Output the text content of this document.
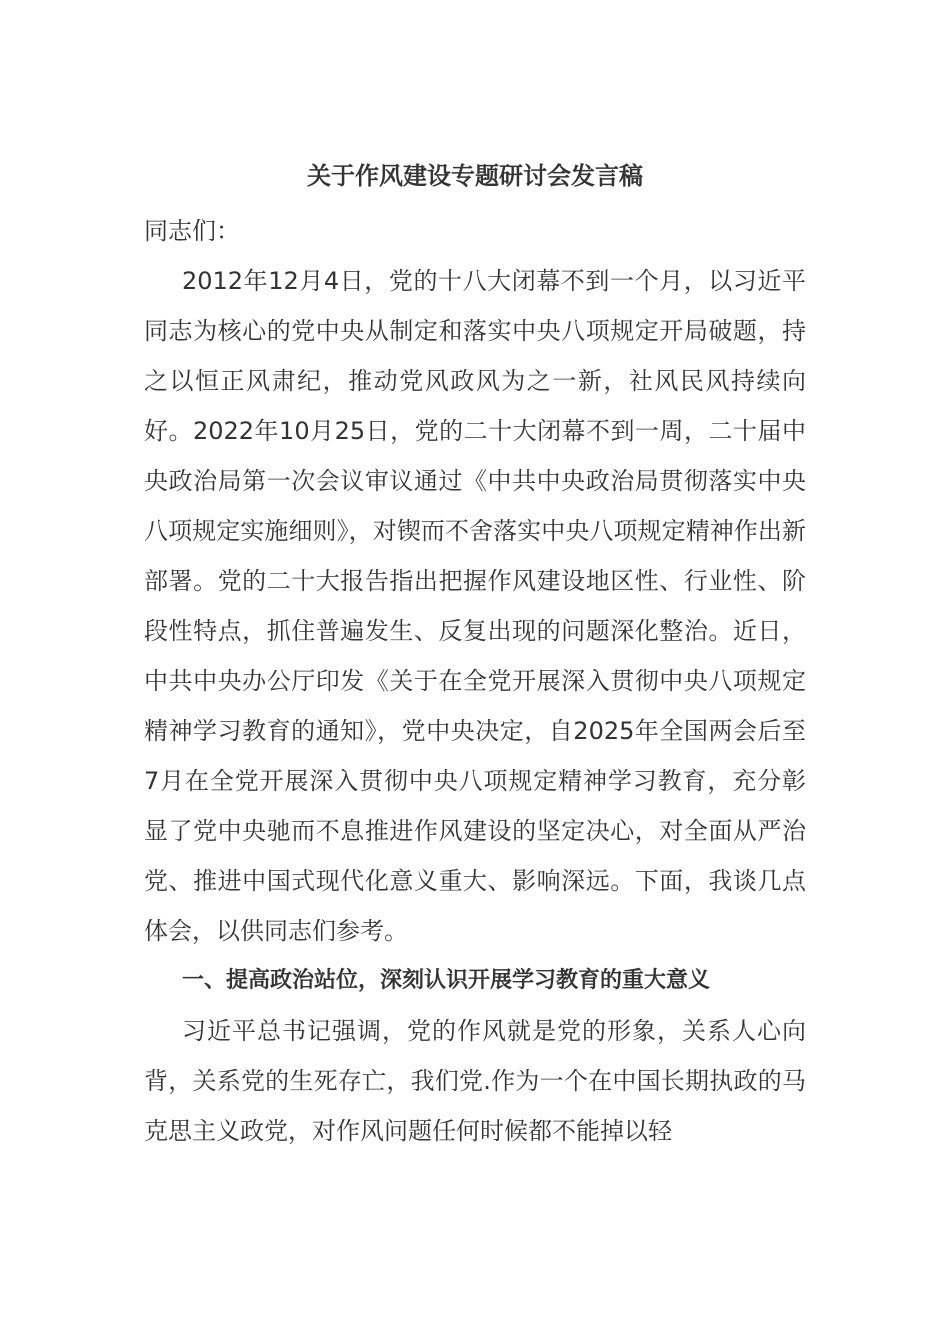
关于作风建设专题研讨会发言稿

同志们：

2012年12月4日，党的十八大闭幕不到一个月，以习近平同志为核心的党中央从制定和落实中央八项规定开局破题，持之以恒正风肃纪，推动党风政风为之一新，社风民风持续向好。2022年10月25日，党的二十大闭幕不到一周，二十届中央政治局第一次会议审议通过《中共中央政治局贯彻落实中央八项规定实施细则》，对锲而不舍落实中央八项规定精神作出新部署。党的二十大报告指出把握作风建设地区性、行业性、阶段性特点，抓住普遍发生、反复出现的问题深化整治。近日，中共中央办公厅印发《关于在全党开展深入贯彻中央八项规定精神学习教育的通知》，党中央决定，自2025年全国两会后至7月在全党开展深入贯彻中央八项规定精神学习教育，充分彰显了党中央驰而不息推进作风建设的坚定决心，对全面从严治党、推进中国式现代化意义重大、影响深远。下面，我谈几点体会，以供同志们参考。

一、提高政治站位，深刻认识开展学习教育的重大意义

习近平总书记强调，党的作风就是党的形象，关系人心向背，关系党的生死存亡，我们党.作为一个在中国长期执政的马克思主义政党，对作风问题任何时候都不能掉以轻
